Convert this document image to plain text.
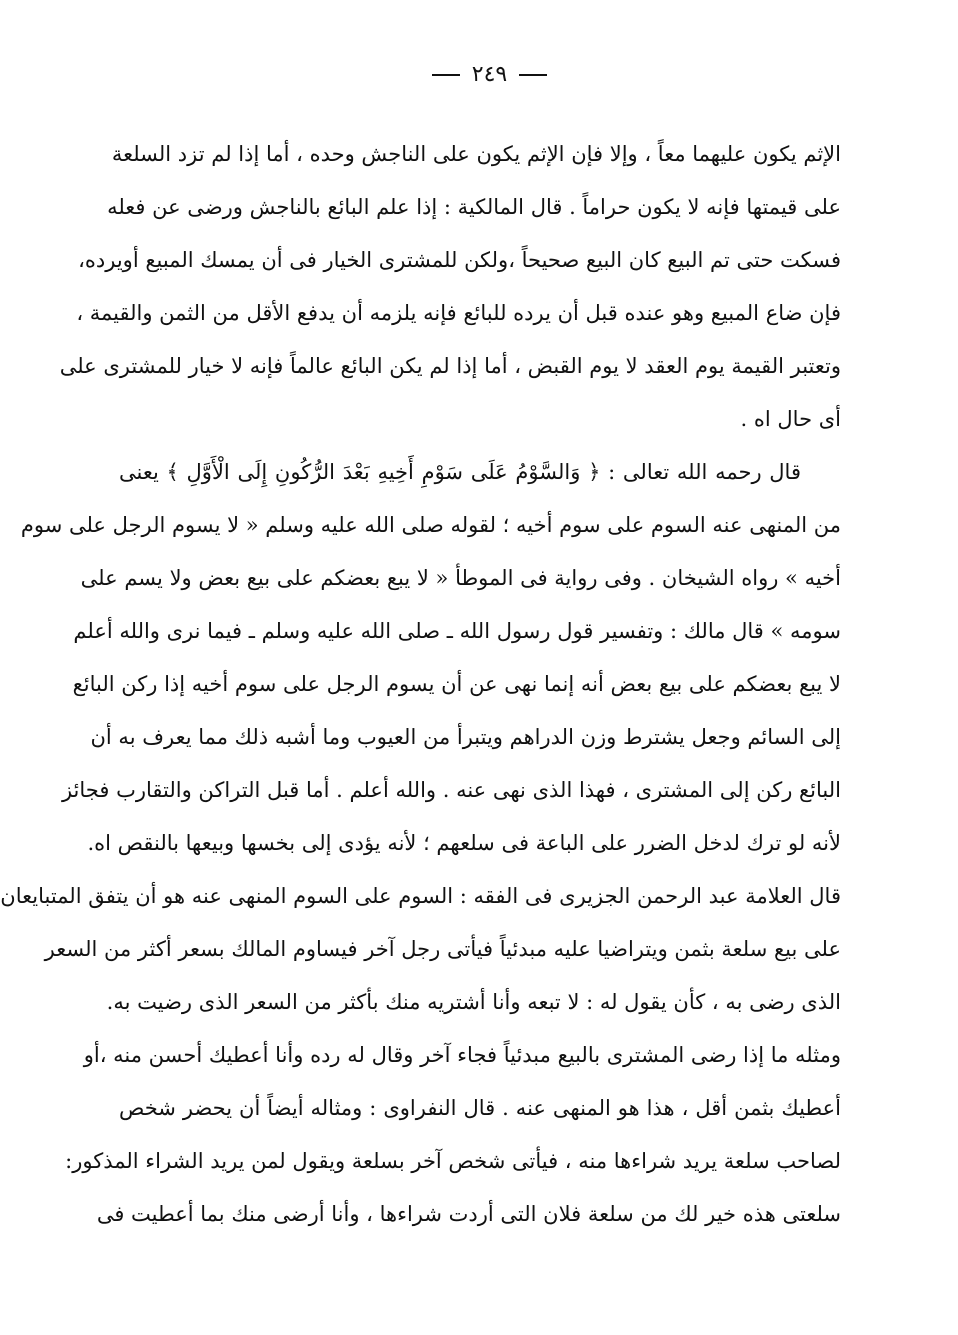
٢٤٩
الإثم يكون عليهما معاً ، وإلا فإن الإثم يكون على الناجش وحده ، أما إذا لم تزد السلعة
على قيمتها فإنه لا يكون حراماً . قال المالكية : إذا علم البائع بالناجش ورضى عن فعله
فسكت حتى تم البيع كان البيع صحيحاً ،ولكن للمشترى الخيار فى أن يمسك المبيع أويرده،
فإن ضاع المبيع وهو عنده قبل أن يرده للبائع فإنه يلزمه أن يدفع الأقل من الثمن والقيمة ،
وتعتبر القيمة يوم العقد لا يوم القبض ، أما إذا لم يكن البائع عالماً فإنه لا خيار للمشترى على
أى حال اه .
قال رحمه الله تعالى : ﴿ وَالسَّوْمُ عَلَى سَوْمِ أَخِيهِ بَعْدَ الرُّكُونِ إِلَى الْأَوَّلِ ﴾ يعنى
من المنهى عنه السوم على سوم أخيه ؛ لقوله صلى الله عليه وسلم « لا يسوم الرجل على سوم
أخيه » رواه الشيخان . وفى رواية فى الموطأ « لا يبع بعضكم على بيع بعض ولا يسم على
سومه » قال مالك : وتفسير قول رسول الله ـ صلى الله عليه وسلم ـ فيما نرى والله أعلم
لا يبع بعضكم على بيع بعض أنه إنما نهى عن أن يسوم الرجل على سوم أخيه إذا ركن البائع
إلى السائم وجعل يشترط وزن الدراهم ويتبرأ من العيوب وما أشبه ذلك مما يعرف به أن
البائع ركن إلى المشترى ، فهذا الذى نهى عنه . والله أعلم . أما قبل التراكن والتقارب فجائز
لأنه لو ترك لدخل الضرر على الباعة فى سلعهم ؛ لأنه يؤدى إلى بخسها وبيعها بالنقص اه.
قال العلامة عبد الرحمن الجزيرى فى الفقه : السوم على السوم المنهى عنه هو أن يتفق المتبايعان
على بيع سلعة بثمن ويتراضيا عليه مبدئياً فيأتى رجل آخر فيساوم المالك بسعر أكثر من السعر
الذى رضى به ، كأن يقول له : لا تبعه وأنا أشتريه منك بأكثر من السعر الذى رضيت به.
ومثله ما إذا رضى المشترى بالبيع مبدئياً فجاء آخر وقال له رده وأنا أعطيك أحسن منه ،أو
أعطيك بثمن أقل ، هذا هو المنهى عنه . قال النفراوى : ومثاله أيضاً أن يحضر شخص
لصاحب سلعة يريد شراءها منه ، فيأتى شخص آخر بسلعة ويقول لمن يريد الشراء المذكور:
سلعتى هذه خير لك من سلعة فلان التى أردت شراءها ، وأنا أرضى منك بما أعطيت فى
